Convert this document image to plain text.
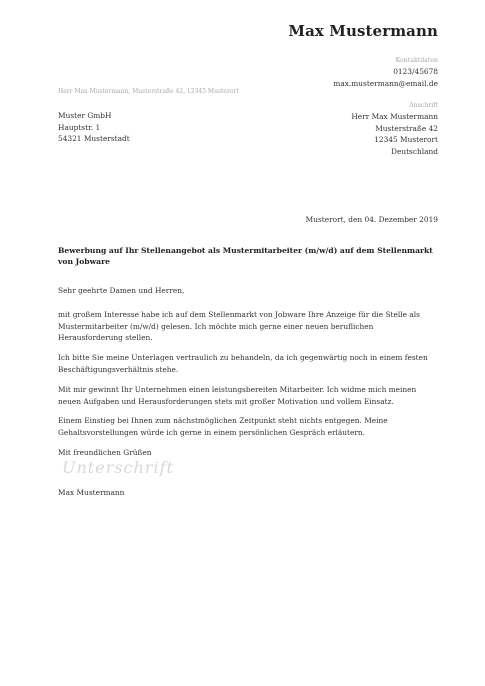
Max Mustermann
Kontaktdaten
0123/45678
max.mustermann@email.de
Herr Max Mustermann, Musterstraße 42, 12345 Musterort
Muster GmbH
Hauptstr. 1
54321 Musterstadt
Anschrift
Herr Max Mustermann
Musterstraße 42
12345 Musterort
Deutschland
Musterort, den 04. Dezember 2019
Bewerbung auf Ihr Stellenangebot als Mustermitarbeiter (m/w/d) auf dem Stellenmarkt von Jobware

Sehr geehrte Damen und Herren,

mit großem Interesse habe ich auf dem Stellenmarkt von Jobware Ihre Anzeige für die Stelle als Mustermitarbeiter (m/w/d) gelesen. Ich möchte mich gerne einer neuen beruflichen Herausforderung stellen.

Ich bitte Sie meine Unterlagen vertraulich zu behandeln, da ich gegenwärtig noch in einem festen Beschäftigungsverhältnis stehe.

Mit mir gewinnt Ihr Unternehmen einen leistungsbereiten Mitarbeiter. Ich widme mich meinen neuen Aufgaben und Herausforderungen stets mit großer Motivation und vollem Einsatz.

Einem Einstieg bei Ihnen zum nächstmöglichen Zeitpunkt steht nichts entgegen. Meine Gehaltsvorstellungen würde ich gerne in einem persönlichen Gespräch erläutern.

Mit freundlichen Grüßen

Unterschrift
Max Mustermann
